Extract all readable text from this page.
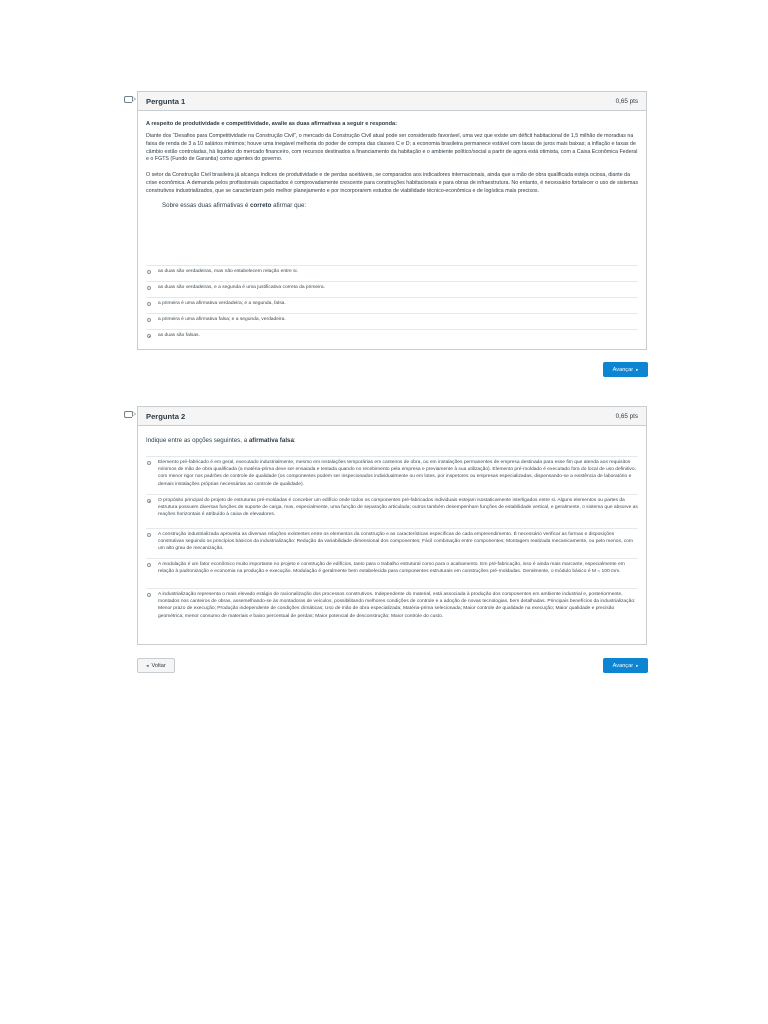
Pergunta 1	0,65 pts

A respeito de produtividade e competitividade, avalie as duas afirmativas a seguir e responda:

Diante dos “Desafios para Competitividade na Construção Civil”, o mercado da Construção Civil atual pode ser considerado favorável, uma vez que existe um déficit habitacional de 1,5 milhão de moradias na faixa de renda de 3 a 10 salários mínimos; houve uma inegável melhoria do poder de compra das classes C e D; a economia brasileira permanece estável com taxas de juros mais baixas; a inflação e taxas de câmbio estão controladas, há liquidez do mercado financeiro, com recursos destinados a financiamento da habitação e o ambiente político/social a partir de agora está otimista, com a Caixa Econômica Federal e o FGTS (Fundo de Garantia) como agentes do governo.

O setor da Construção Civil brasileira já alcança índices de produtividade e de perdas aceitáveis, se comparados aos indicadores internacionais, ainda que a mão de obra qualificada esteja ociosa, diante da crise econômica. A demanda pelos profissionais capacitados é comprovadamente crescente para construções habitacionais e para obras de infraestrutura. No entanto, é necessário fortalecer o uso de sistemas construtivos industrializados, que se caracterizam pelo melhor planejamento e por incorporarem estudos de viabilidade técnico-econômica e de logística mais precisos.

Sobre essas duas afirmativas é correto afirmar que:

as duas são verdadeiras, mas não estabelecem relação entre si.
as duas são verdadeiras, e a segunda é uma justificativa correta da primeira.
a primeira é uma afirmativa verdadeira; e a segunda, falsa.
a primeira é uma afirmativa falsa; e a segunda, verdadeira.
as duas são falsas.
Avançar ▸
Pergunta 2	0,65 pts

Indique entre as opções seguintes, a afirmativa falsa:

Elemento pré-fabricado é em geral, executado industrialmente, mesmo em instalações temporárias em canteiros de obra, ou em instalações permanentes de empresa destinada para esse fim que atenda aos requisitos mínimos de mão de obra qualificada (a matéria-prima deve ser ensaiada e testada quando no recebimento pela empresa e previamente à sua utilização). Elemento pré-moldado é executado fora do local de uso definitivo, com menor rigor nos padrões de controle de qualidade (os componentes podem ser inspecionados individualmente ou em lotes, por inspetores ou empresas especializadas, dispensando-se a existência de laboratório e demais instalações próprias necessárias ao controle de qualidade).
O propósito principal do projeto de estruturas pré-moldadas é conceber um edifício onde todos os componentes pré-fabricados individuais estejam isostaticamente interligados entre si. Alguns elementos ou partes da estrutura possuem diversas funções de suporte de carga, mas, especialmente, uma função de separação articulada; outros também desempenham funções de estabilidade vertical, e geralmente, o sistema que absorve as reações horizontais é atribuído à caixa de elevadores.
A construção industrializada aproveita as diversas relações existentes entre os elementos da construção e as características específicas de cada empreendimento. É necessário verificar as formas e disposições construtivas seguindo os princípios básicos da industrialização: Redução da variabilidade dimensional dos componentes; Fácil combinação entre componentes; Montagem realizada mecanicamente, ou pelo menos, com um alto grau de mecanização.
A modulação é um fator econômico muito importante no projeto e construção de edifícios, tanto para o trabalho estrutural como para o acabamento. Em pré-fabricação, isso é ainda mais marcante, especialmente em relação à padronização e economia na produção e execução. Modulação é geralmente bem estabelecida para componentes estruturais em construções pré-moldadas. Geralmente, o módulo básico é M = 100 mm.
A industrialização representa o mais elevado estágio de racionalização dos processos construtivos. Independente do material, está associada à produção dos componentes em ambiente industrial e, posteriormente, montados nos canteiros de obras, assemelhando-se às montadoras de veículos, possibilitando melhores condições de controle e a adoção de novas tecnologias, bem detalhadas. Principais benefícios da industrialização: Menor prazo de execução; Produção independente de condições climáticas; Uso de mão de obra especializada; Matéria-prima selecionada; Maior controle de qualidade na execução; Maior qualidade e precisão geométrica; menor consumo de materiais e baixo percentual de perdas; Maior potencial de desconstrução; Maior controle do custo.
◂ Voltar	Avançar ▸
